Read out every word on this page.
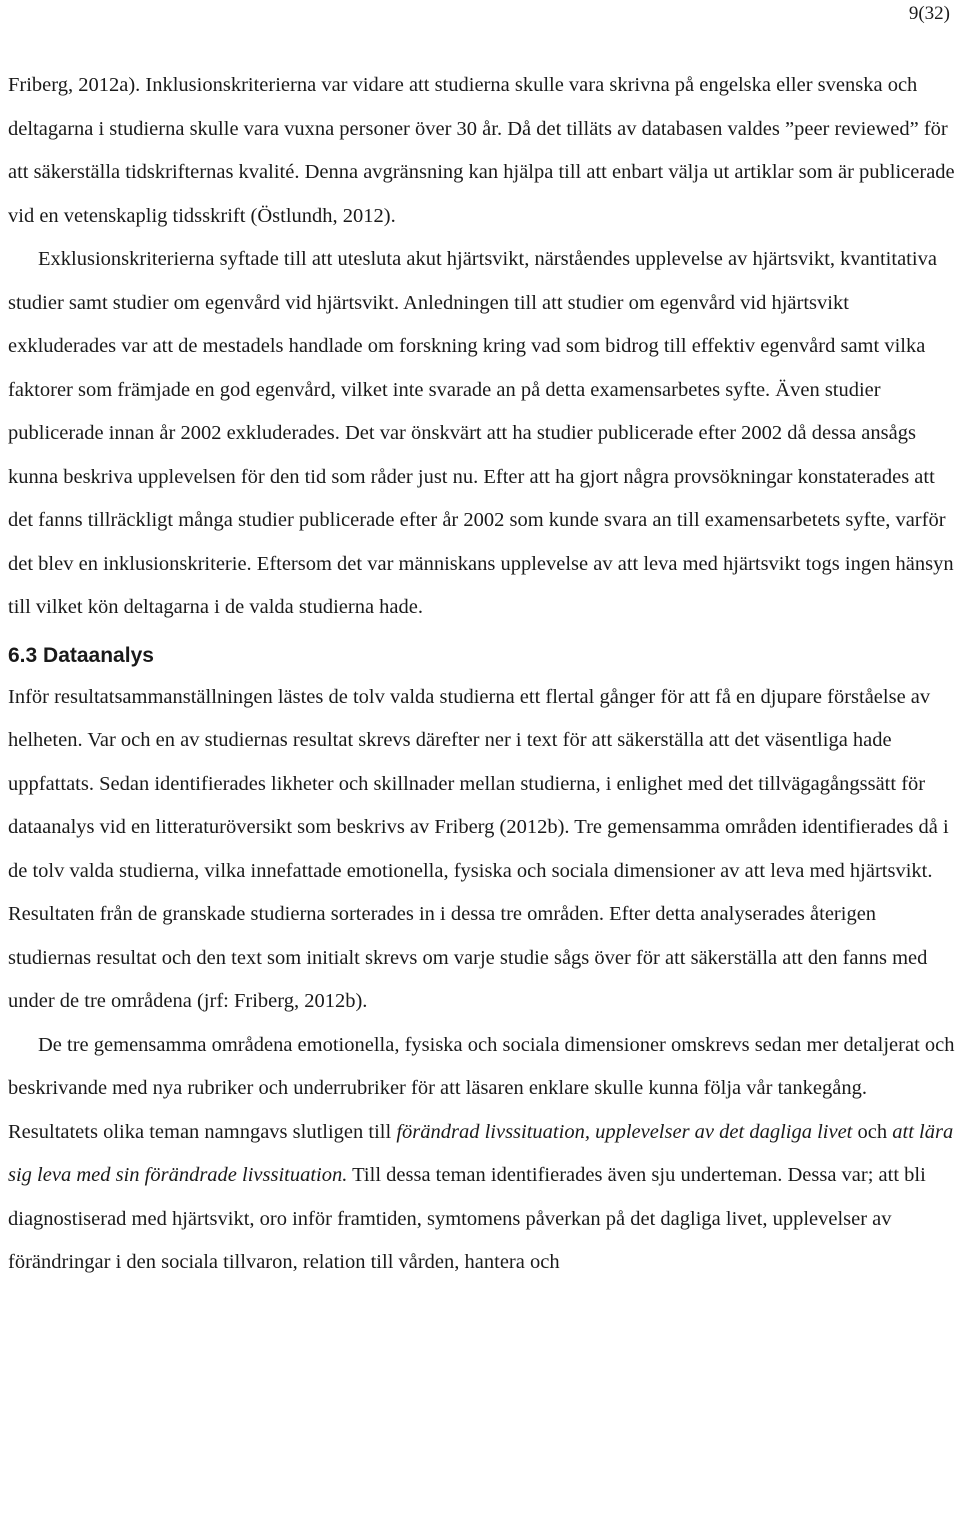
9(32)

Friberg, 2012a). Inklusionskriterierna var vidare att studierna skulle vara skrivna på engelska eller svenska och deltagarna i studierna skulle vara vuxna personer över 30 år. Då det tilläts av databasen valdes ”peer reviewed” för att säkerställa tidskrifternas kvalité. Denna avgränsning kan hjälpa till att enbart välja ut artiklar som är publicerade vid en vetenskaplig tidsskrift (Östlundh, 2012).

Exklusionskriterierna syftade till att utesluta akut hjärtsvikt, närståendes upplevelse av hjärtsvikt, kvantitativa studier samt studier om egenvård vid hjärtsvikt. Anledningen till att studier om egenvård vid hjärtsvikt exkluderades var att de mestadels handlade om forskning kring vad som bidrog till effektiv egenvård samt vilka faktorer som främjade en god egenvård, vilket inte svarade an på detta examensarbetes syfte. Även studier publicerade innan år 2002 exkluderades. Det var önskvärt att ha studier publicerade efter 2002 då dessa ansågs kunna beskriva upplevelsen för den tid som råder just nu. Efter att ha gjort några provsökningar konstaterades att det fanns tillräckligt många studier publicerade efter år 2002 som kunde svara an till examensarbetets syfte, varför det blev en inklusionskriterie. Eftersom det var människans upplevelse av att leva med hjärtsvikt togs ingen hänsyn till vilket kön deltagarna i de valda studierna hade.

6.3 Dataanalys

Inför resultatsammanställningen lästes de tolv valda studierna ett flertal gånger för att få en djupare förståelse av helheten. Var och en av studiernas resultat skrevs därefter ner i text för att säkerställa att det väsentliga hade uppfattats. Sedan identifierades likheter och skillnader mellan studierna, i enlighet med det tillvägagångssätt för dataanalys vid en litteraturöversikt som beskrivs av Friberg (2012b). Tre gemensamma områden identifierades då i de tolv valda studierna, vilka innefattade emotionella, fysiska och sociala dimensioner av att leva med hjärtsvikt. Resultaten från de granskade studierna sorterades in i dessa tre områden. Efter detta analyserades återigen studiernas resultat och den text som initialt skrevs om varje studie sågs över för att säkerställa att den fanns med under de tre områdena (jrf: Friberg, 2012b).

De tre gemensamma områdena emotionella, fysiska och sociala dimensioner omskrevs sedan mer detaljerat och beskrivande med nya rubriker och underrubriker för att läsaren enklare skulle kunna följa vår tankegång. Resultatets olika teman namngavs slutligen till förändrad livssituation, upplevelser av det dagliga livet och att lära sig leva med sin förändrade livssituation. Till dessa teman identifierades även sju underteman. Dessa var; att bli diagnostiserad med hjärtsvikt, oro inför framtiden, symtomens påverkan på det dagliga livet, upplevelser av förändringar i den sociala tillvaron, relation till vården, hantera och
